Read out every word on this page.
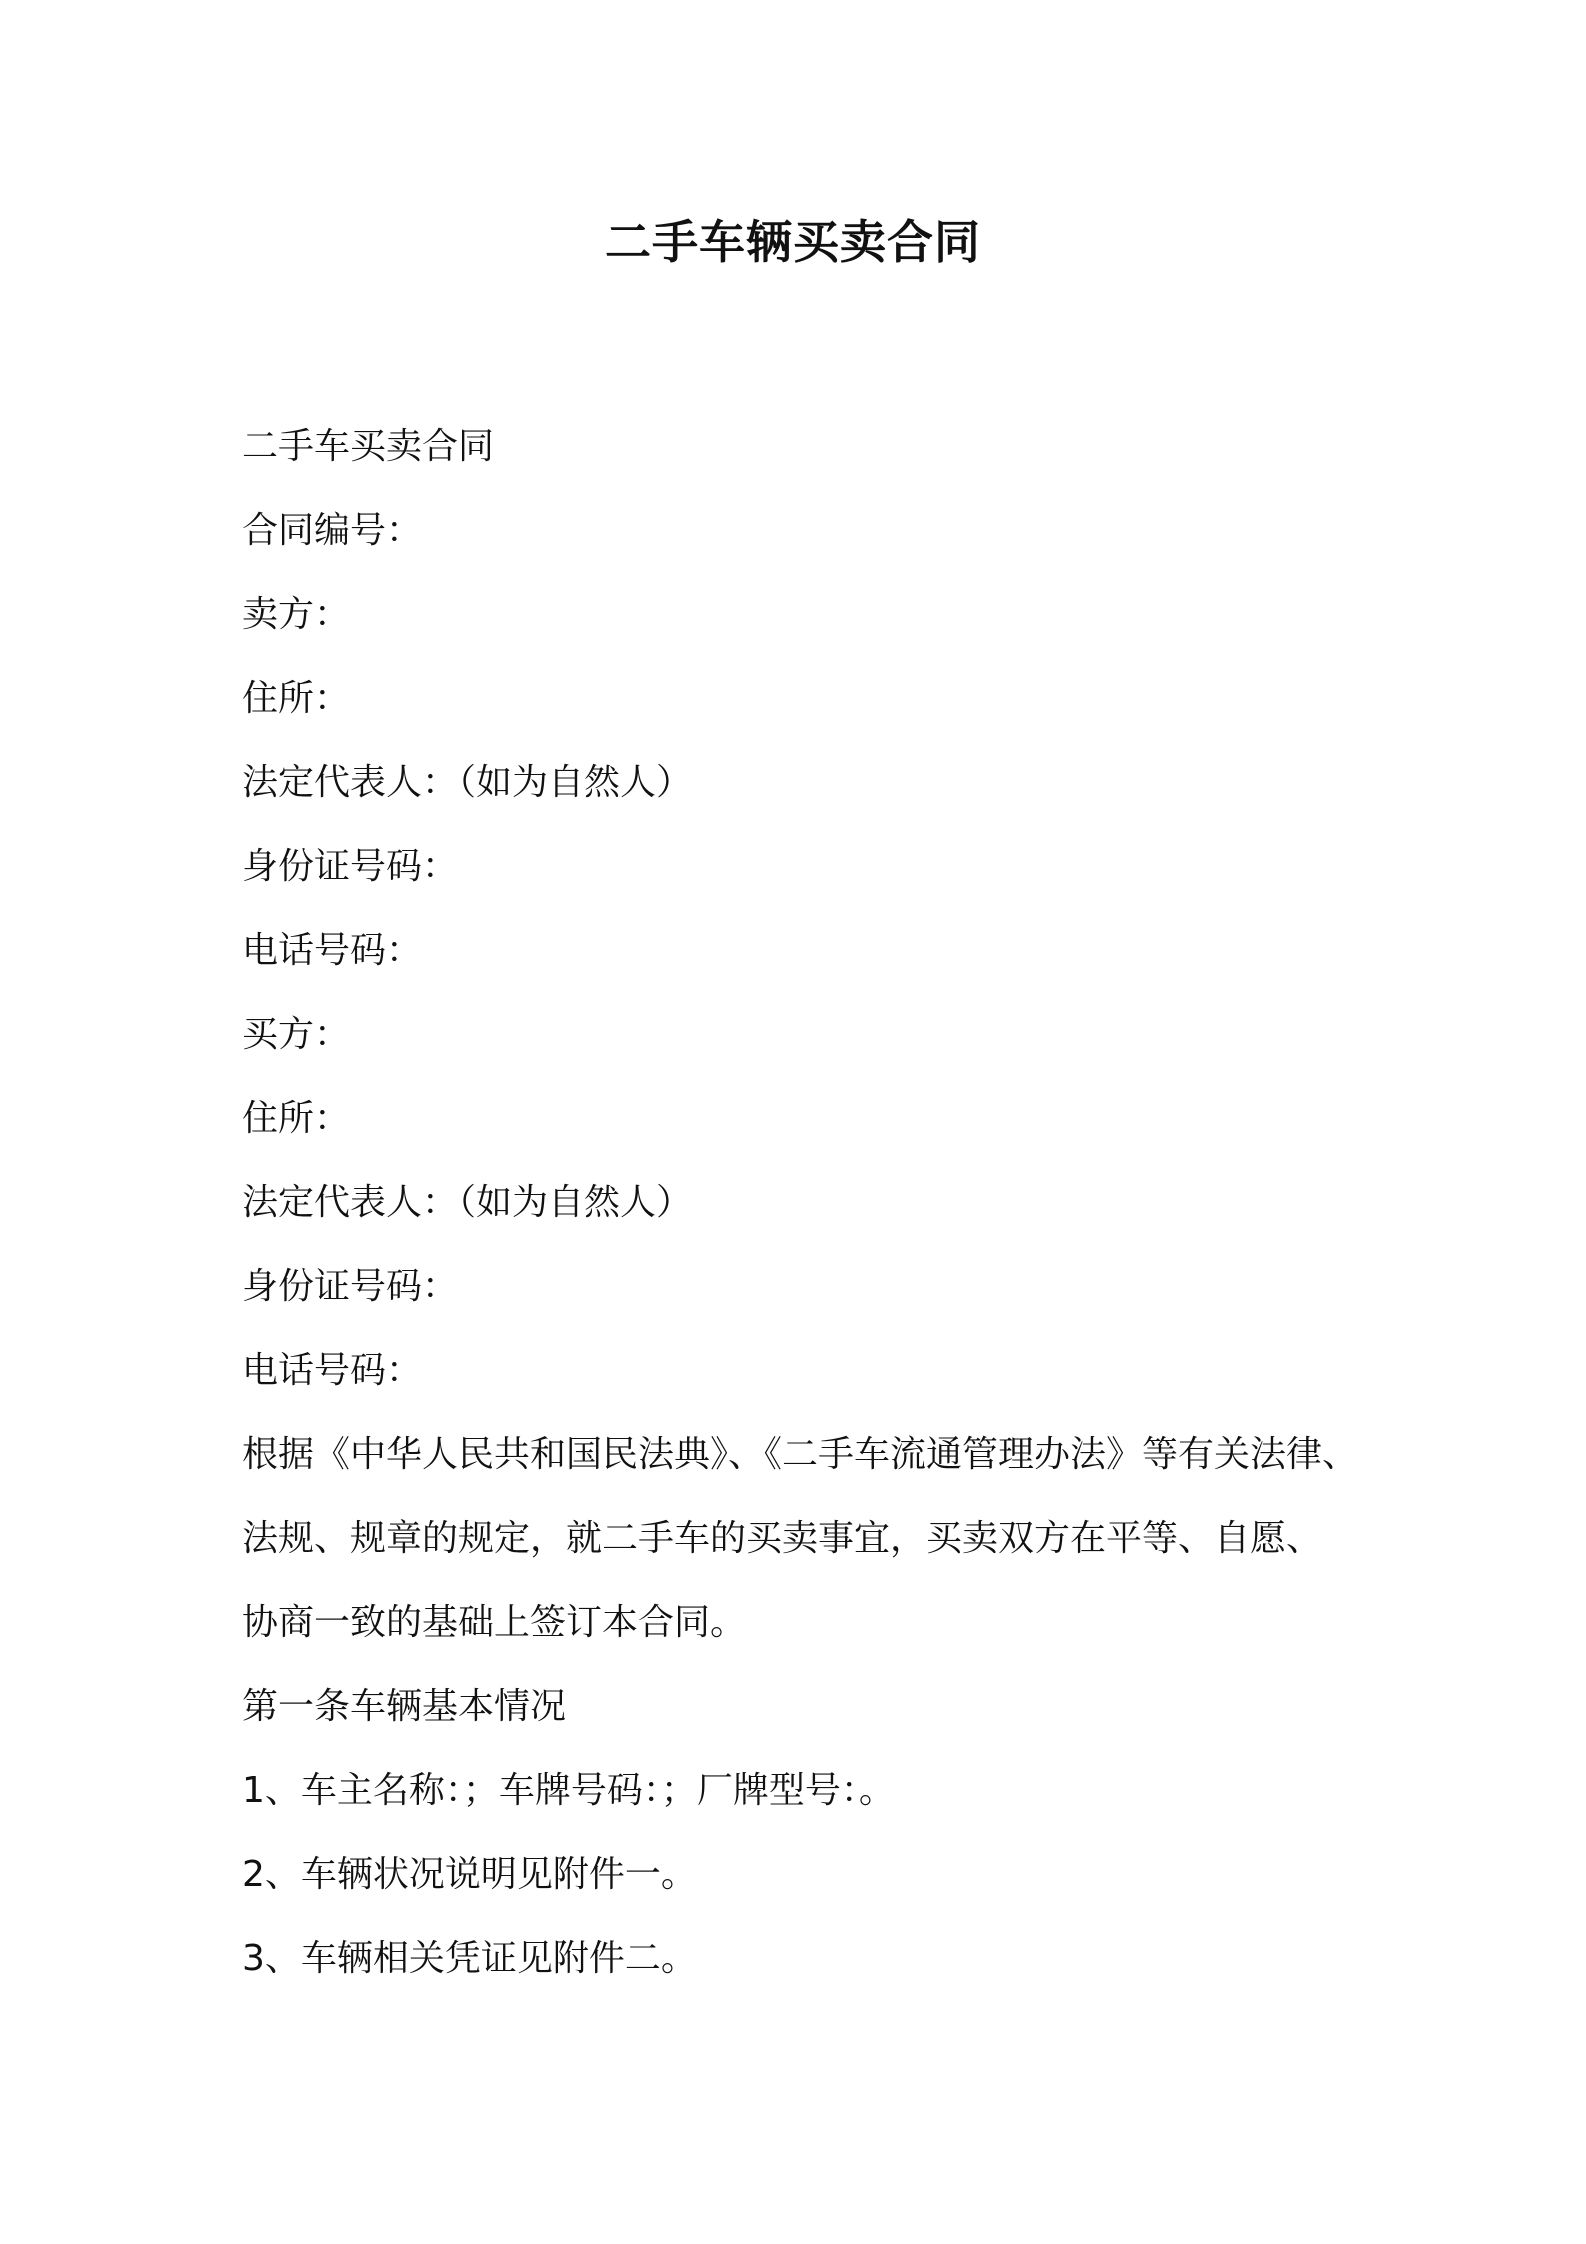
二手车辆买卖合同

二手车买卖合同

合同编号：

卖方：

住所：

法定代表人：（如为自然人）

身份证号码：

电话号码：

买方：

住所：

法定代表人：（如为自然人）

身份证号码：

电话号码：

根据《中华人民共和国民法典》、《二手车流通管理办法》等有关法律、

法规、规章的规定，就二手车的买卖事宜，买卖双方在平等、自愿、

协商一致的基础上签订本合同。

第一条车辆基本情况

1、车主名称：；车牌号码：；厂牌型号：。

2、车辆状况说明见附件一。

3、车辆相关凭证见附件二。
